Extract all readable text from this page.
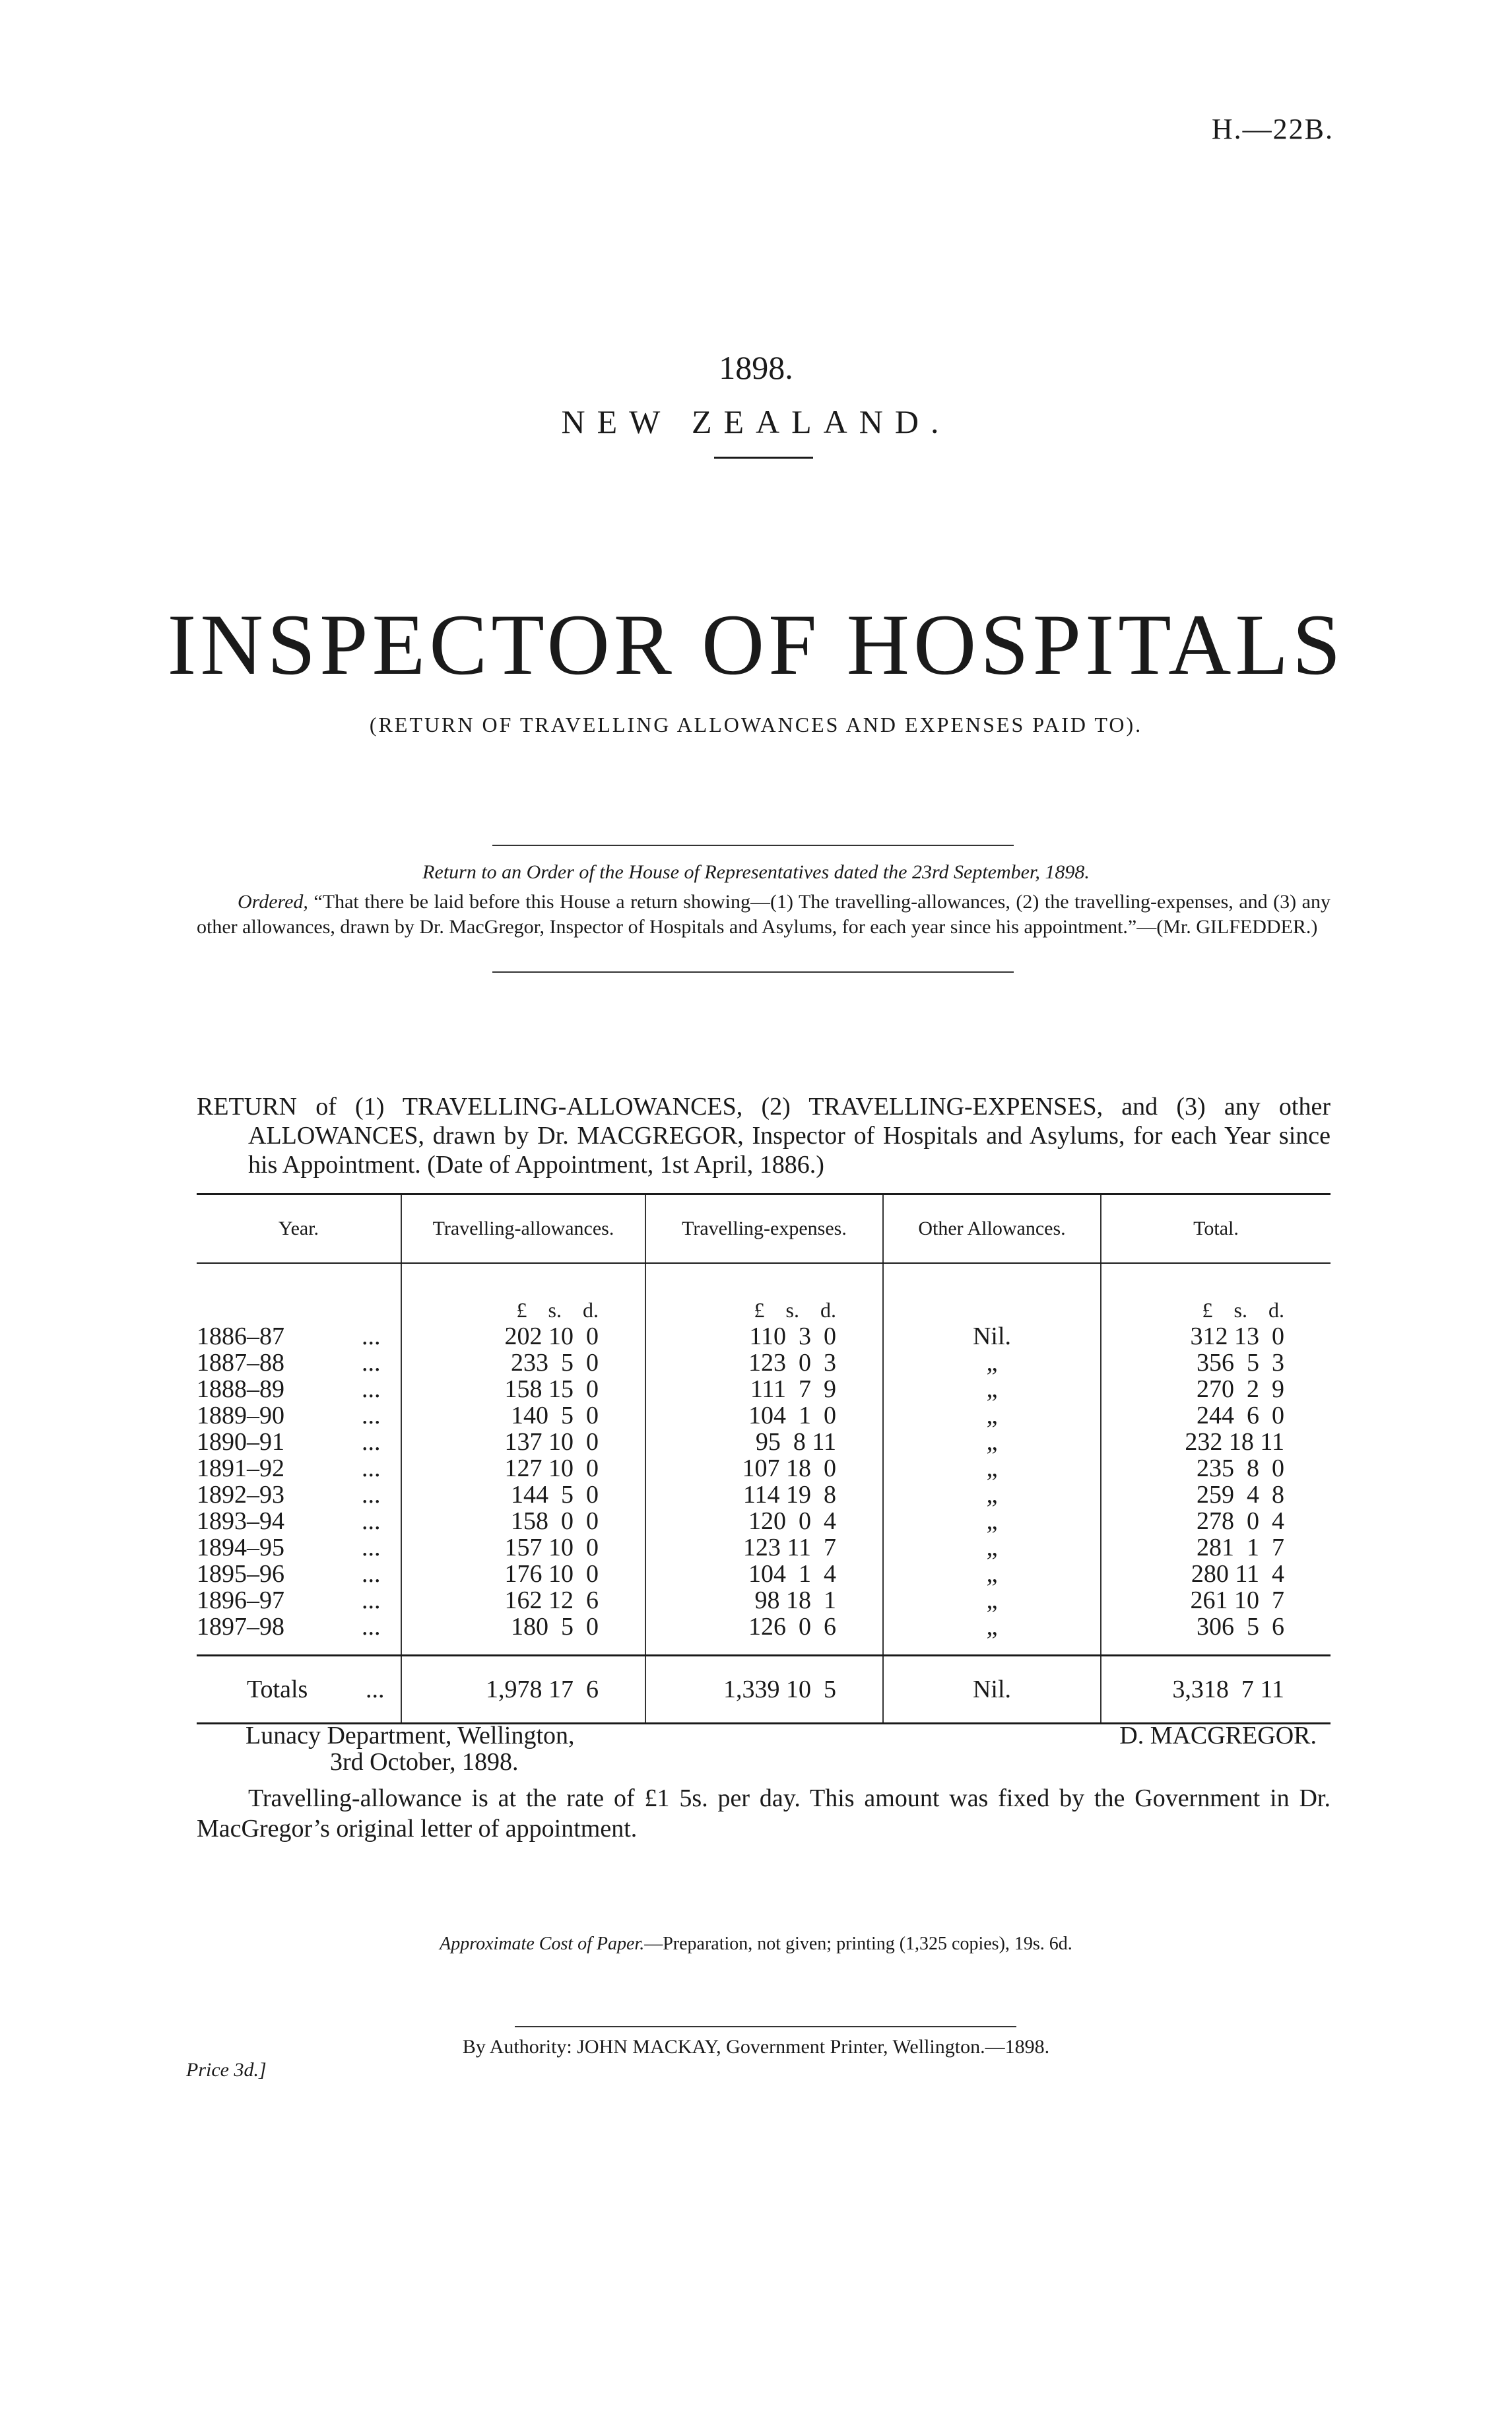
H.—22B.
1898.
NEW ZEALAND.
INSPECTOR OF HOSPITALS
(RETURN OF TRAVELLING ALLOWANCES AND EXPENSES PAID TO).
Return to an Order of the House of Representatives dated the 23rd September, 1898.
Ordered, “That there be laid before this House a return showing—(1) The travelling-allowances, (2) the travelling-expenses, and (3) any other allowances, drawn by Dr. MacGregor, Inspector of Hospitals and Asylums, for each year since his appointment.”—(Mr. GILFEDDER.)

RETURN of (1) TRAVELLING-ALLOWANCES, (2) TRAVELLING-EXPENSES, and (3) any other ALLOWANCES, drawn by Dr. MACGREGOR, Inspector of Hospitals and Asylums, for each Year since his Appointment. (Date of Appointment, 1st April, 1886.)

Year.	Travelling-allowances.	Travelling-expenses.	Other Allowances.	Total.
	£    s.    d.	£    s.    d.		£    s.    d.
1886–87 ...	202 10  0	110  3  0	Nil.	312 13  0
1887–88 ...	233  5  0	123  0  3	„	356  5  3
1888–89 ...	158 15  0	111  7  9	„	270  2  9
1889–90 ...	140  5  0	104  1  0	„	244  6  0
1890–91 ...	137 10  0	95  8 11	„	232 18 11
1891–92 ...	127 10  0	107 18  0	„	235  8  0
1892–93 ...	144  5  0	114 19  8	„	259  4  8
1893–94 ...	158  0  0	120  0  4	„	278  0  4
1894–95 ...	157 10  0	123 11  7	„	281  1  7
1895–96 ...	176 10  0	104  1  4	„	280 11  4
1896–97 ...	162 12  6	98 18  1	„	261 10  7
1897–98 ...	180  5  0	126  0  6	„	306  5  6

Totals ...	1,978 17  6	1,339 10  5	Nil.	3,318  7 11
Lunacy Department, Wellington,
3rd October, 1898.
D. MACGREGOR.
Travelling-allowance is at the rate of £1 5s. per day. This amount was fixed by the Government in Dr. MacGregor’s original letter of appointment.
Approximate Cost of Paper.—Preparation, not given; printing (1,325 copies), 19s. 6d.
By Authority: JOHN MACKAY, Government Printer, Wellington.—1898.
Price 3d.]
